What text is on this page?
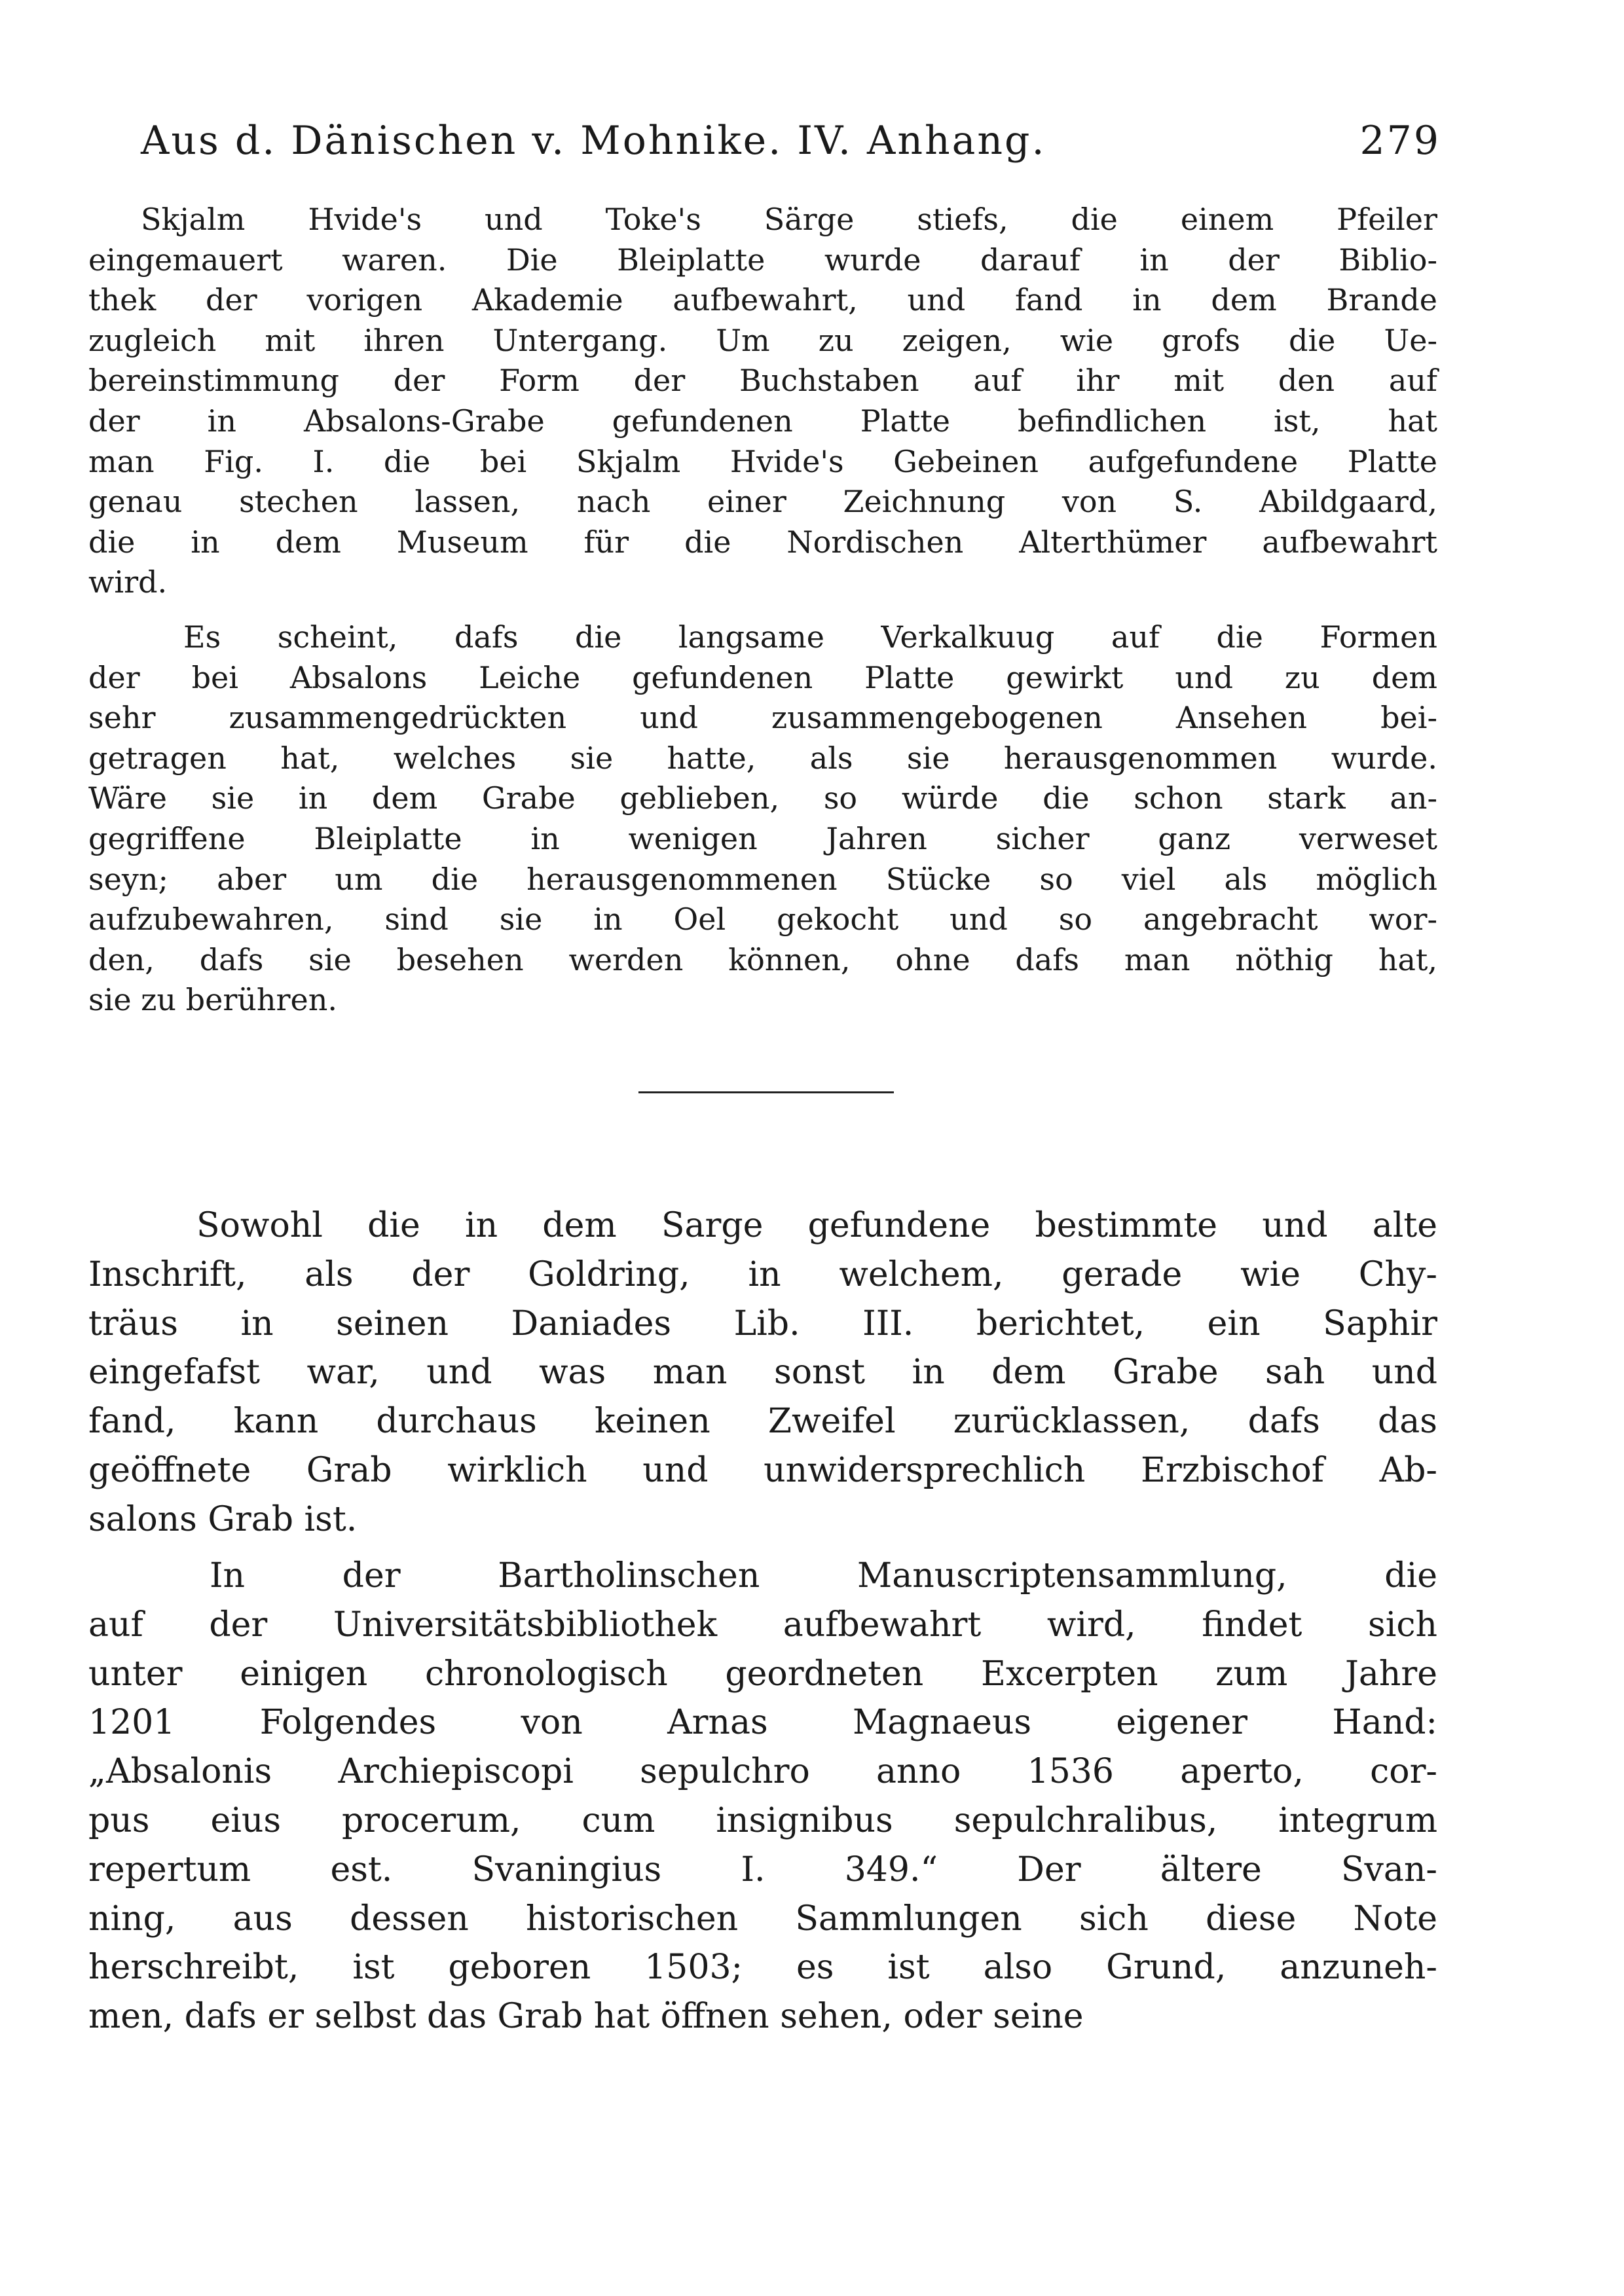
Aus d. Dänischen v. Mohnike. IV. Anhang.	279
Skjalm Hvide's und Toke's Särge stiefs, die einem Pfeiler
eingemauert waren. Die Bleiplatte wurde darauf in der Biblio-
thek der vorigen Akademie aufbewahrt, und fand in dem Brande
zugleich mit ihren Untergang. Um zu zeigen, wie grofs die Ue-
bereinstimmung der Form der Buchstaben auf ihr mit den auf
der in Absalons-Grabe gefundenen Platte befindlichen ist, hat
man Fig. I. die bei Skjalm Hvide's Gebeinen aufgefundene Platte
genau stechen lassen, nach einer Zeichnung von S. Abildgaard,
die in dem Museum für die Nordischen Alterthümer aufbewahrt
wird.
Es scheint, dafs die langsame Verkalkuug auf die Formen
der bei Absalons Leiche gefundenen Platte gewirkt und zu dem
sehr zusammengedrückten und zusammengebogenen Ansehen bei-
getragen hat, welches sie hatte, als sie herausgenommen wurde.
Wäre sie in dem Grabe geblieben, so würde die schon stark an-
gegriffene Bleiplatte in wenigen Jahren sicher ganz verweset
seyn; aber um die herausgenommenen Stücke so viel als möglich
aufzubewahren, sind sie in Oel gekocht und so angebracht wor-
den, dafs sie besehen werden können, ohne dafs man nöthig hat,
sie zu berühren.
Sowohl die in dem Sarge gefundene bestimmte und alte
Inschrift, als der Goldring, in welchem, gerade wie Chy-
träus in seinen Daniades Lib. III. berichtet, ein Saphir
eingefafst war, und was man sonst in dem Grabe sah und
fand, kann durchaus keinen Zweifel zurücklassen, dafs das
geöffnete Grab wirklich und unwidersprechlich Erzbischof Ab-
salons Grab ist.
In der Bartholinschen Manuscriptensammlung, die
auf der Universitätsbibliothek aufbewahrt wird, findet sich
unter einigen chronologisch geordneten Excerpten zum Jahre
1201 Folgendes von Arnas Magnaeus eigener Hand:
„Absalonis Archiepiscopi sepulchro anno 1536 aperto, cor-
pus eius procerum, cum insignibus sepulchralibus, integrum
repertum est. Svaningius I. 349.“ Der ältere Svan-
ning, aus dessen historischen Sammlungen sich diese Note
herschreibt, ist geboren 1503; es ist also Grund, anzuneh-
men, dafs er selbst das Grab hat öffnen sehen, oder seine
